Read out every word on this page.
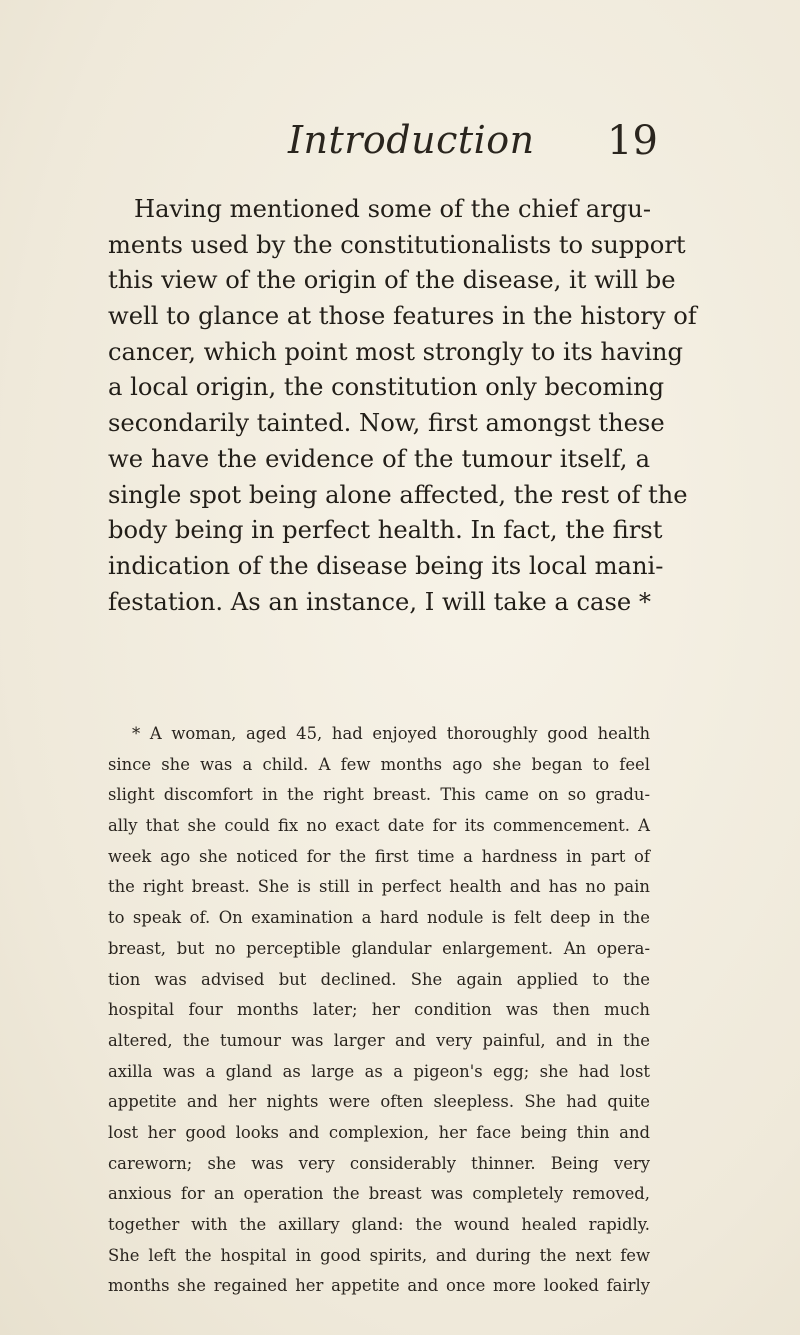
Introduction 19
Having mentioned some of the chief argu-
ments used by the constitutionalists to support
this view of the origin of the disease, it will be
well to glance at those features in the history of
cancer, which point most strongly to its having
a local origin, the constitution only becoming
secondarily tainted. Now, first amongst these
we have the evidence of the tumour itself, a
single spot being alone affected, the rest of the
body being in perfect health. In fact, the first
indication of the disease being its local mani-
festation. As an instance, I will take a case *
* A woman, aged 45, had enjoyed thoroughly good health
since she was a child. A few months ago she began to feel
slight discomfort in the right breast. This came on so gradu-
ally that she could fix no exact date for its commencement. A
week ago she noticed for the first time a hardness in part of
the right breast. She is still in perfect health and has no pain
to speak of. On examination a hard nodule is felt deep in the
breast, but no perceptible glandular enlargement. An opera-
tion was advised but declined. She again applied to the
hospital four months later; her condition was then much
altered, the tumour was larger and very painful, and in the
axilla was a gland as large as a pigeon's egg; she had lost
appetite and her nights were often sleepless. She had quite
lost her good looks and complexion, her face being thin and
careworn; she was very considerably thinner. Being very
anxious for an operation the breast was completely removed,
together with the axillary gland: the wound healed rapidly.
She left the hospital in good spirits, and during the next few
months she regained her appetite and once more looked fairly
